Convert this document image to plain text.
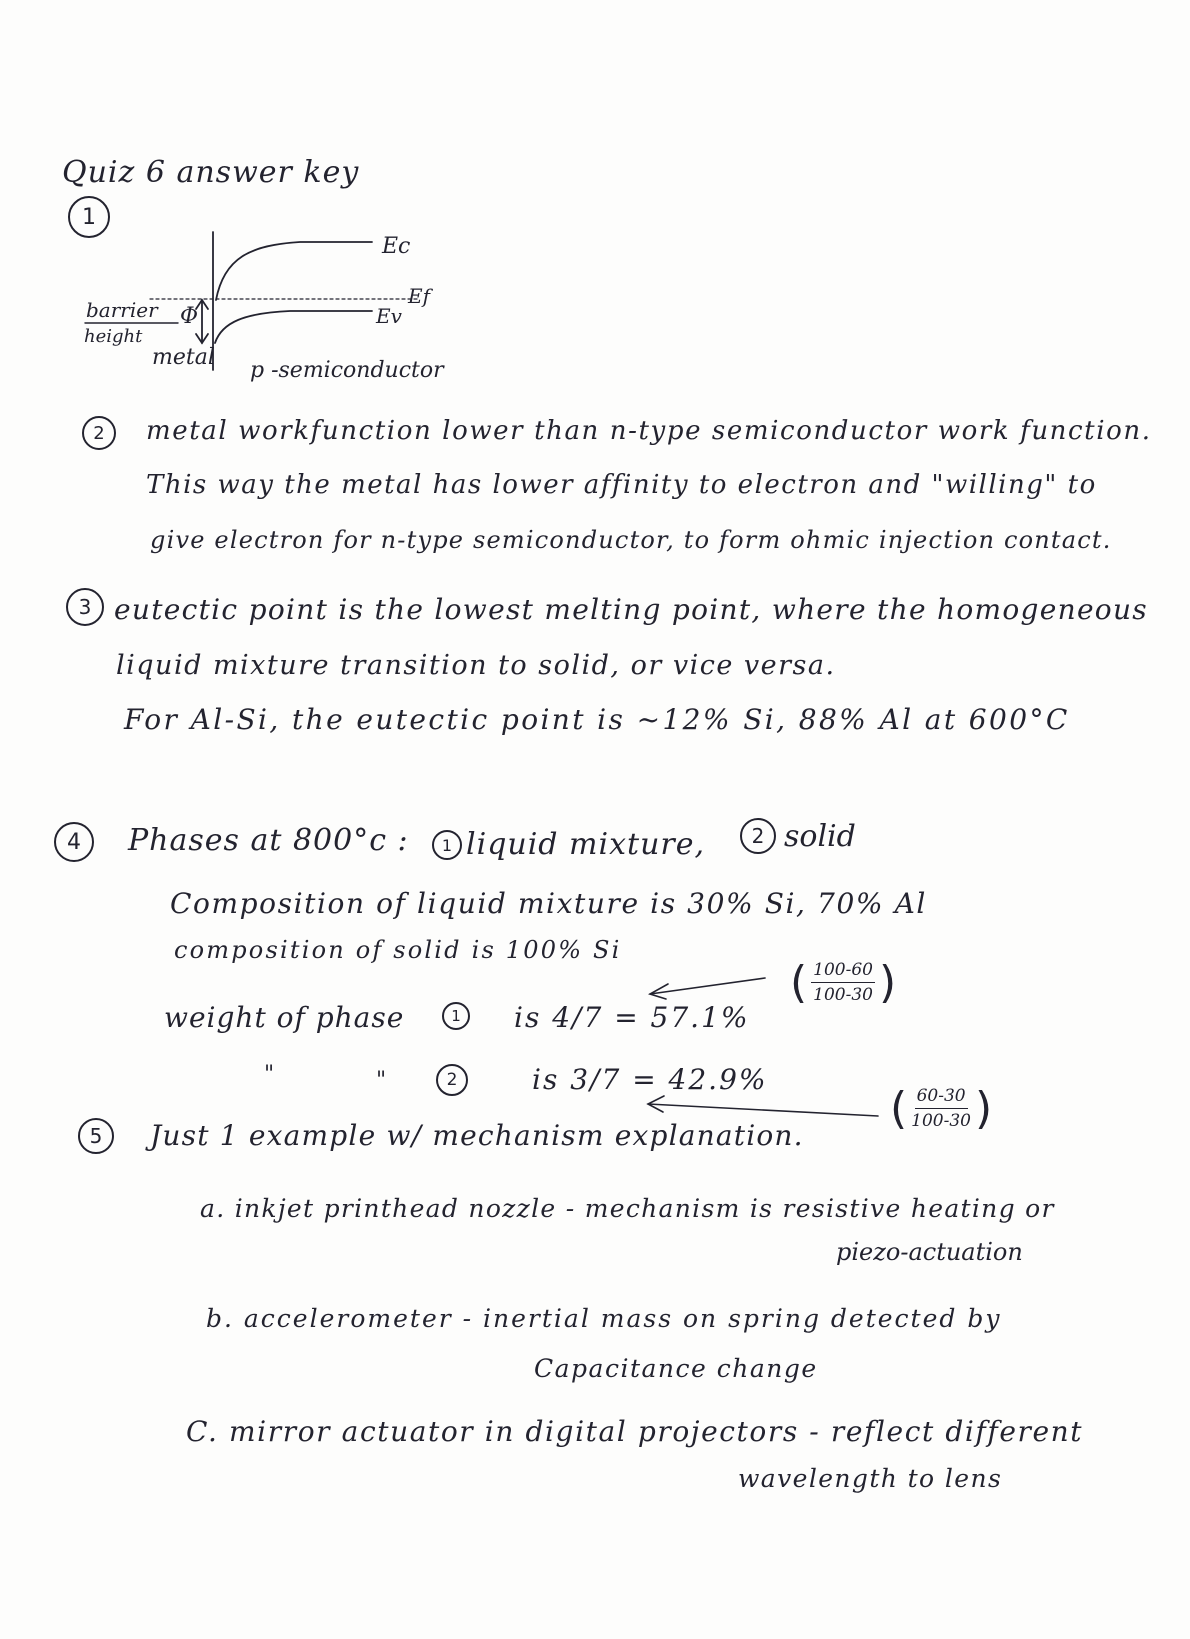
Quiz 6 answer key
1
Ec
Ef
Ev
barrier
height
Φ
metal
p -semiconductor
2	metal workfunction lower than n-type semiconductor work function.
This way the metal has lower affinity to electron and "willing" to
give electron for n-type semiconductor, to form ohmic injection contact.
3 eutectic point is the lowest melting point, where the homogeneous
liquid mixture transition to solid, or vice versa.
For Al-Si, the eutectic point is ~12% Si, 88% Al at 600°C
4	Phases at 800°c :	1 liquid mixture,	2 solid
Composition of liquid mixture is 30% Si, 70% Al
composition of solid is 100% Si
( $\frac{100-60}{100-30}$ )
weight of phase	1	is 4/7 = 57.1%
"	"	2	is 3/7 = 42.9%
( $\frac{60-30}{100-30}$ )
5	Just 1 example w/ mechanism explanation.
a. inkjet printhead nozzle - mechanism is resistive heating or
piezo-actuation
b. accelerometer - inertial mass on spring detected by
Capacitance change
C. mirror actuator in digital projectors - reflect different
wavelength to lens
